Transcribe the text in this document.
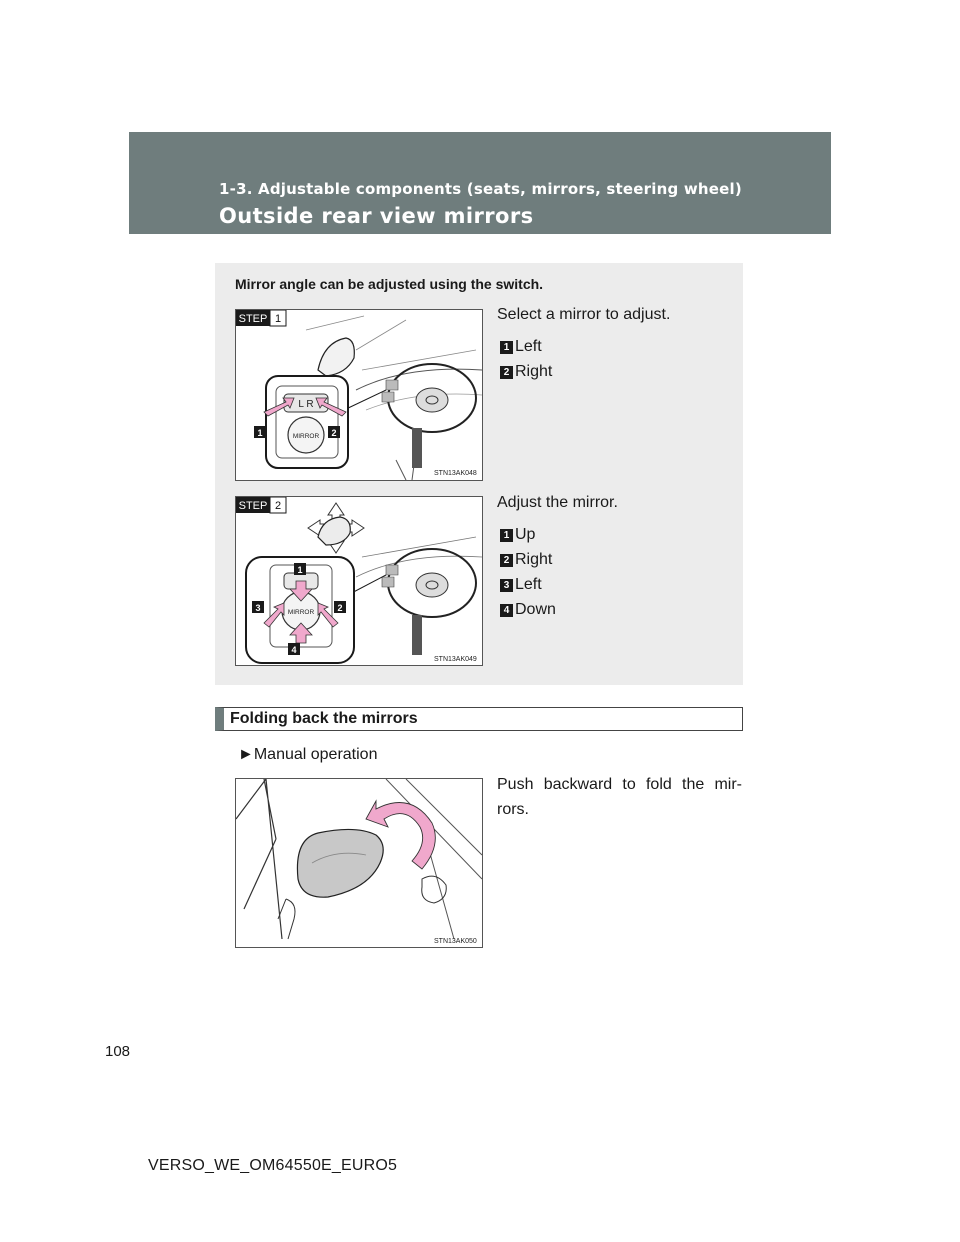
1-3. Adjustable components (seats, mirrors, steering wheel)
Outside rear view mirrors
Mirror angle can be adjusted using the switch.
STEP 1
L R
MIRROR
1	2
STN13AK048
Select a mirror to adjust.
1 Left
2 Right
STEP 2
MIRROR
1
2
3
4
STN13AK049
Adjust the mirror.
1 Up
2 Right
3 Left
4 Down
Folding back the mirrors
►Manual operation
STN13AK050
Push backward to fold the mir-rors.
108
VERSO_WE_OM64550E_EURO5
